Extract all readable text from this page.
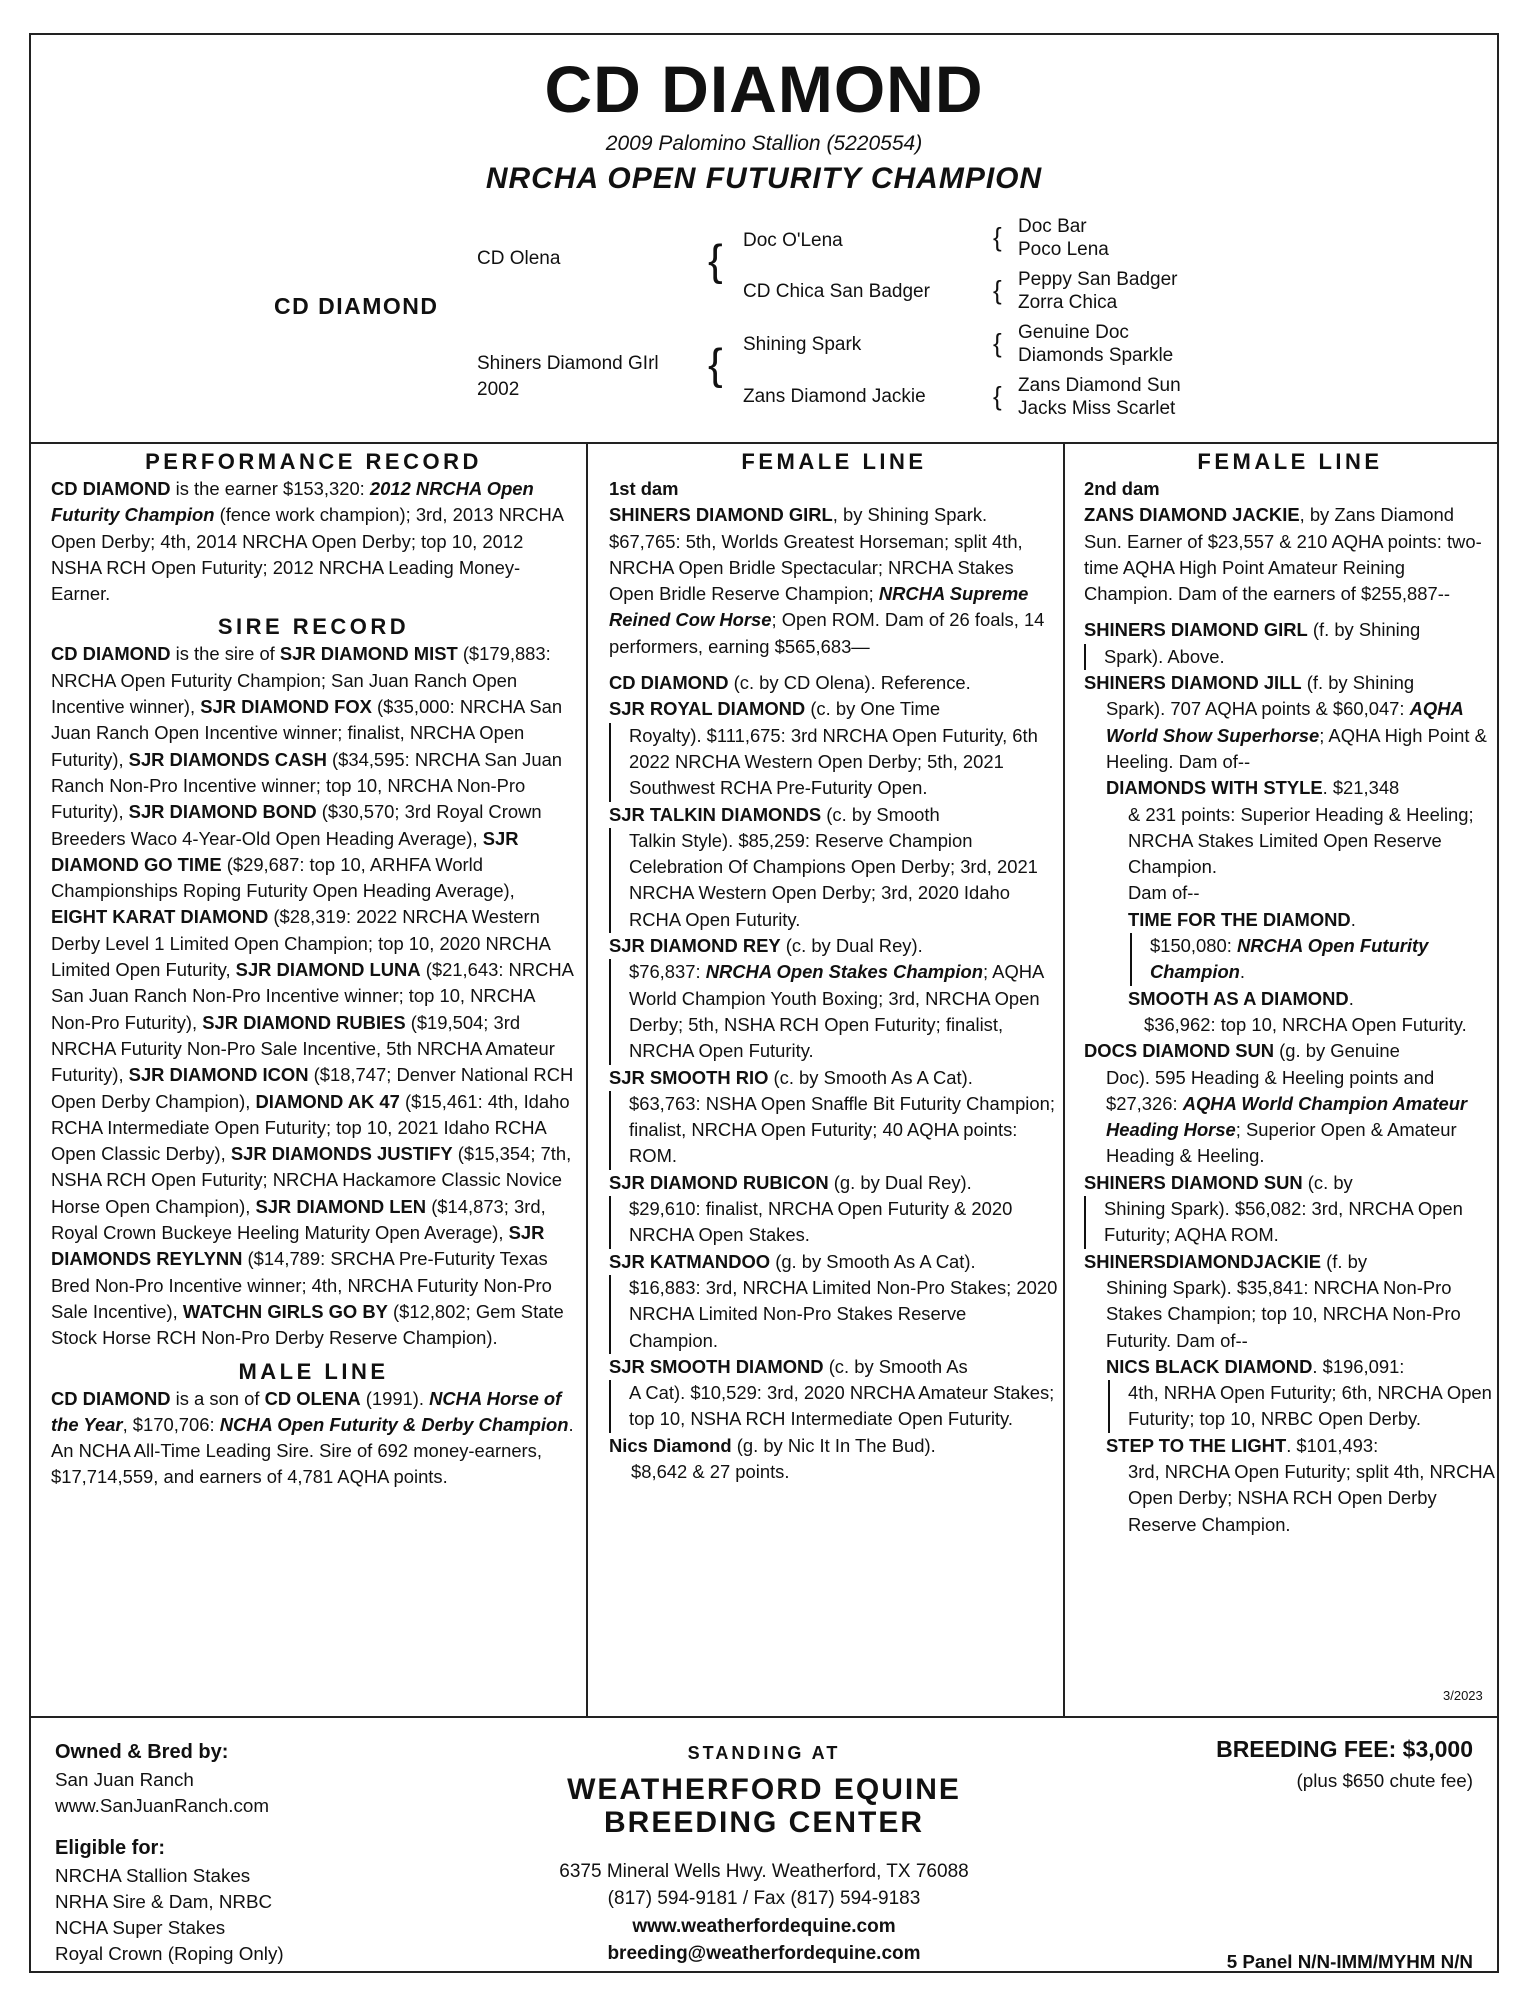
CD DIAMOND
2009 Palomino Stallion (5220554)
NRCHA OPEN FUTURITY CHAMPION
CD DIAMOND
CD Olena
Shiners Diamond GIrl
2002
{
{
Doc O'Lena
CD Chica San Badger
Shining Spark
Zans Diamond Jackie
{
{
{
{
Doc Bar
Poco Lena
Peppy San Badger
Zorra Chica
Genuine Doc
Diamonds Sparkle
Zans Diamond Sun
Jacks Miss Scarlet
PERFORMANCE RECORD

CD DIAMOND is the earner $153,320: 2012 NRCHA Open Futurity Champion (fence work champion); 3rd, 2013 NRCHA Open Derby; 4th, 2014 NRCHA Open Derby; top 10, 2012 NSHA RCH Open Futurity; 2012 NRCHA Leading Money-Earner.

SIRE RECORD

CD DIAMOND is the sire of SJR DIAMOND MIST ($179,883: NRCHA Open Futurity Champion; San Juan Ranch Open Incentive winner), SJR DIAMOND FOX ($35,000: NRCHA San Juan Ranch Open Incentive winner; finalist, NRCHA Open Futurity), SJR DIAMONDS CASH ($34,595: NRCHA San Juan Ranch Non-Pro Incentive winner; top 10, NRCHA Non-Pro Futurity), SJR DIAMOND BOND ($30,570; 3rd Royal Crown Breeders Waco 4-Year-Old Open Heading Average), SJR DIAMOND GO TIME ($29,687: top 10, ARHFA World Championships Roping Futurity Open Heading Average), EIGHT KARAT DIAMOND ($28,319: 2022 NRCHA Western Derby Level 1 Limited Open Champion; top 10, 2020 NRCHA Limited Open Futurity, SJR DIAMOND LUNA ($21,643: NRCHA San Juan Ranch Non-Pro Incentive winner; top 10, NRCHA Non-Pro Futurity), SJR DIAMOND RUBIES ($19,504; 3rd NRCHA Futurity Non-Pro Sale Incentive, 5th NRCHA Amateur Futurity), SJR DIAMOND ICON ($18,747; Denver National RCH Open Derby Champion), DIAMOND AK 47 ($15,461: 4th, Idaho RCHA Intermediate Open Futurity; top 10, 2021 Idaho RCHA Open Classic Derby), SJR DIAMONDS JUSTIFY ($15,354; 7th, NSHA RCH Open Futurity; NRCHA Hackamore Classic Novice Horse Open Champion), SJR DIAMOND LEN ($14,873; 3rd, Royal Crown Buckeye Heeling Maturity Open Average), SJR DIAMONDS REYLYNN ($14,789: SRCHA Pre-Futurity Texas Bred Non-Pro Incentive winner; 4th, NRCHA Futurity Non-Pro Sale Incentive), WATCHN GIRLS GO BY ($12,802; Gem State Stock Horse RCH Non-Pro Derby Reserve Champion).

MALE LINE

CD DIAMOND is a son of CD OLENA (1991). NCHA Horse of the Year, $170,706: NCHA Open Futurity & Derby Champion. An NCHA All-Time Leading Sire. Sire of 692 money-earners, $17,714,559, and earners of 4,781 AQHA points.

FEMALE LINE

1st dam

SHINERS DIAMOND GIRL, by Shining Spark. $67,765: 5th, Worlds Greatest Horseman; split 4th, NRCHA Open Bridle Spectacular; NRCHA Stakes Open Bridle Reserve Champion; NRCHA Supreme Reined Cow Horse; Open ROM. Dam of 26 foals, 14 performers, earning $565,683—

CD DIAMOND (c. by CD Olena). Reference.

SJR ROYAL DIAMOND (c. by One Time

Royalty). $111,675: 3rd NRCHA Open Futurity, 6th 2022 NRCHA Western Open Derby; 5th, 2021 Southwest RCHA Pre-Futurity Open.

SJR TALKIN DIAMONDS (c. by Smooth

Talkin Style). $85,259: Reserve Champion Celebration Of Champions Open Derby; 3rd, 2021 NRCHA Western Open Derby; 3rd, 2020 Idaho RCHA Open Futurity.

SJR DIAMOND REY (c. by Dual Rey).

$76,837: NRCHA Open Stakes Champion; AQHA World Champion Youth Boxing; 3rd, NRCHA Open Derby; 5th, NSHA RCH Open Futurity; finalist, NRCHA Open Futurity.

SJR SMOOTH RIO (c. by Smooth As A Cat).

$63,763: NSHA Open Snaffle Bit Futurity Champion; finalist, NRCHA Open Futurity; 40 AQHA points: ROM.

SJR DIAMOND RUBICON (g. by Dual Rey).

$29,610: finalist, NRCHA Open Futurity & 2020 NRCHA Open Stakes.

SJR KATMANDOO (g. by Smooth As A Cat).

$16,883: 3rd, NRCHA Limited Non-Pro Stakes; 2020 NRCHA Limited Non-Pro Stakes Reserve Champion.

SJR SMOOTH DIAMOND (c. by Smooth As

A Cat). $10,529: 3rd, 2020 NRCHA Amateur Stakes; top 10, NSHA RCH Intermediate Open Futurity.

Nics Diamond (g. by Nic It In The Bud).

$8,642 & 27 points.

FEMALE LINE

2nd dam

ZANS DIAMOND JACKIE, by Zans Diamond Sun. Earner of $23,557 & 210 AQHA points: two-time AQHA High Point Amateur Reining Champion. Dam of the earners of $255,887--

SHINERS DIAMOND GIRL (f. by Shining

Spark). Above.

SHINERS DIAMOND JILL (f. by Shining

Spark). 707 AQHA points & $60,047: AQHA World Show Superhorse; AQHA High Point & Heeling. Dam of--

DIAMONDS WITH STYLE. $21,348

& 231 points: Superior Heading & Heeling; NRCHA Stakes Limited Open Reserve Champion.
Dam of--

TIME FOR THE DIAMOND.

$150,080: NRCHA Open Futurity Champion.

SMOOTH AS A DIAMOND.

$36,962: top 10, NRCHA Open Futurity.

DOCS DIAMOND SUN (g. by Genuine

Doc). 595 Heading & Heeling points and $27,326: AQHA World Champion Amateur Heading Horse; Superior Open & Amateur Heading & Heeling.

SHINERS DIAMOND SUN (c. by

Shining Spark). $56,082: 3rd, NRCHA Open Futurity; AQHA ROM.

SHINERSDIAMONDJACKIE (f. by

Shining Spark). $35,841: NRCHA Non-Pro Stakes Champion; top 10, NRCHA Non-Pro Futurity. Dam of--

NICS BLACK DIAMOND. $196,091:

4th, NRHA Open Futurity; 6th, NRCHA Open Futurity; top 10, NRBC Open Derby.

STEP TO THE LIGHT. $101,493:

3rd, NRCHA Open Futurity; split 4th, NRCHA Open Derby; NSHA RCH Open Derby Reserve Champion.

3/2023
Owned & Bred by:
San Juan Ranch
www.SanJuanRanch.com
Eligible for:
NRCHA Stallion Stakes
NRHA Sire & Dam, NRBC
NCHA Super Stakes
Royal Crown (Roping Only)
STANDING AT
WEATHERFORD EQUINE
BREEDING CENTER
6375 Mineral Wells Hwy. Weatherford, TX 76088
(817) 594-9181 / Fax (817) 594-9183
www.weatherfordequine.com
breeding@weatherfordequine.com
BREEDING FEE: $3,000
(plus $650 chute fee)
5 Panel N/N-IMM/MYHM N/N
